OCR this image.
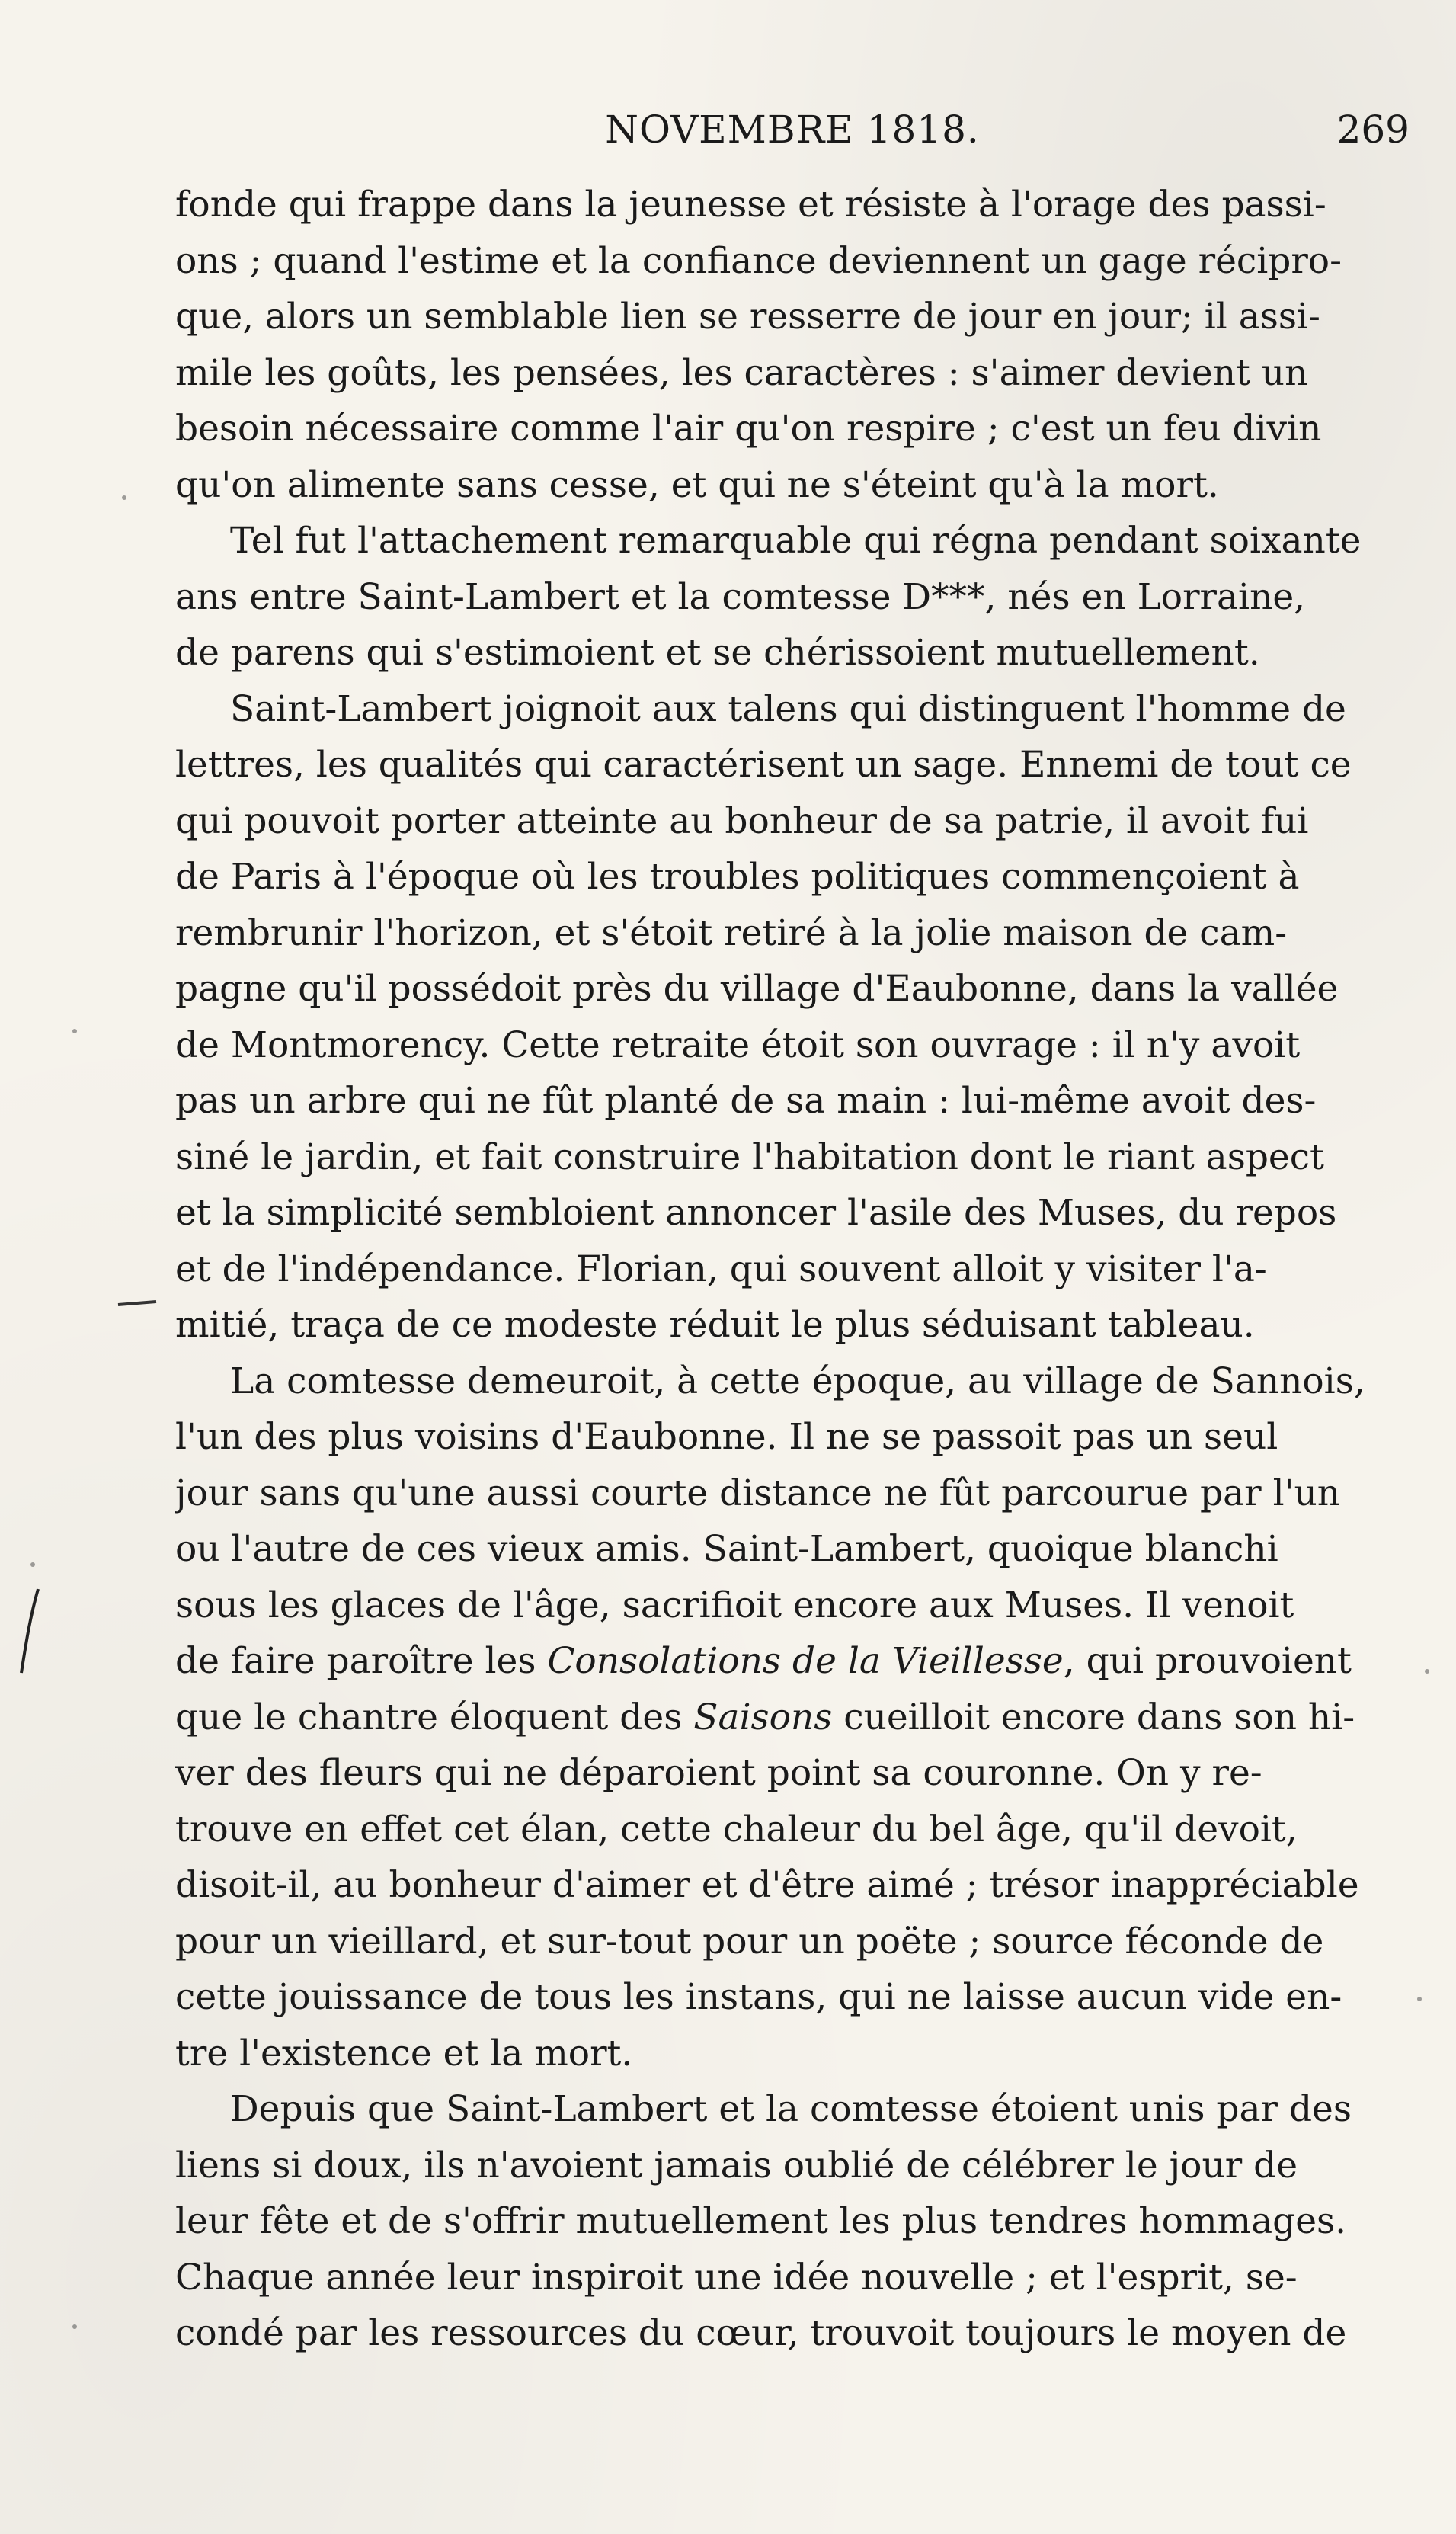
NOVEMBRE 1818.	269
fonde qui frappe dans la jeunesse et résiste à l'orage des passi-
ons ; quand l'estime et la confiance deviennent un gage récipro-
que, alors un semblable lien se resserre de jour en jour; il assi-
mile les goûts, les pensées, les caractères : s'aimer devient un
besoin nécessaire comme l'air qu'on respire ; c'est un feu divin
qu'on alimente sans cesse, et qui ne s'éteint qu'à la mort.
Tel fut l'attachement remarquable qui régna pendant soixante
ans entre Saint-Lambert et la comtesse D***, nés en Lorraine,
de parens qui s'estimoient et se chérissoient mutuellement.
Saint-Lambert joignoit aux talens qui distinguent l'homme de
lettres, les qualités qui caractérisent un sage. Ennemi de tout ce
qui pouvoit porter atteinte au bonheur de sa patrie, il avoit fui
de Paris à l'époque où les troubles politiques commençoient à
rembrunir l'horizon, et s'étoit retiré à la jolie maison de cam-
pagne qu'il possédoit près du village d'Eaubonne, dans la vallée
de Montmorency. Cette retraite étoit son ouvrage : il n'y avoit
pas un arbre qui ne fût planté de sa main : lui-même avoit des-
siné le jardin, et fait construire l'habitation dont le riant aspect
et la simplicité sembloient annoncer l'asile des Muses, du repos
et de l'indépendance. Florian, qui souvent alloit y visiter l'a-
mitié, traça de ce modeste réduit le plus séduisant tableau.
La comtesse demeuroit, à cette époque, au village de Sannois,
l'un des plus voisins d'Eaubonne. Il ne se passoit pas un seul
jour sans qu'une aussi courte distance ne fût parcourue par l'un
ou l'autre de ces vieux amis. Saint-Lambert, quoique blanchi
sous les glaces de l'âge, sacrifioit encore aux Muses. Il venoit
de faire paroître les Consolations de la Vieillesse, qui prouvoient
que le chantre éloquent des Saisons cueilloit encore dans son hi-
ver des fleurs qui ne déparoient point sa couronne. On y re-
trouve en effet cet élan, cette chaleur du bel âge, qu'il devoit,
disoit-il, au bonheur d'aimer et d'être aimé ; trésor inappréciable
pour un vieillard, et sur-tout pour un poëte ; source féconde de
cette jouissance de tous les instans, qui ne laisse aucun vide en-
tre l'existence et la mort.
Depuis que Saint-Lambert et la comtesse étoient unis par des
liens si doux, ils n'avoient jamais oublié de célébrer le jour de
leur fête et de s'offrir mutuellement les plus tendres hommages.
Chaque année leur inspiroit une idée nouvelle ; et l'esprit, se-
condé par les ressources du cœur, trouvoit toujours le moyen de
